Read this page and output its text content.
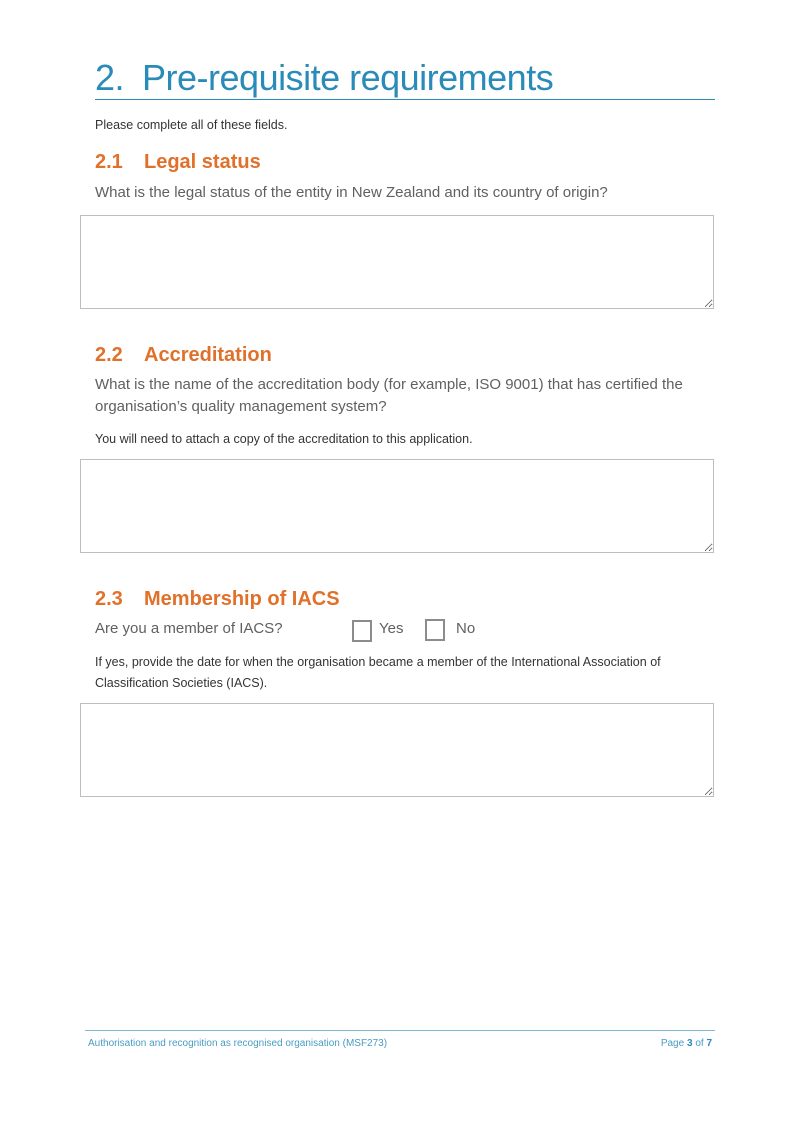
2. Pre-requisite requirements
Please complete all of these fields.
2.1 Legal status
What is the legal status of the entity in New Zealand and its country of origin?
2.2 Accreditation
What is the name of the accreditation body (for example, ISO 9001) that has certified the organisation’s quality management system?
You will need to attach a copy of the accreditation to this application.
2.3 Membership of IACS
Are you a member of IACS?	Yes	No
If yes, provide the date for when the organisation became a member of the International Association of Classification Societies (IACS).
Authorisation and recognition as recognised organisation (MSF273)	Page 3 of 7
